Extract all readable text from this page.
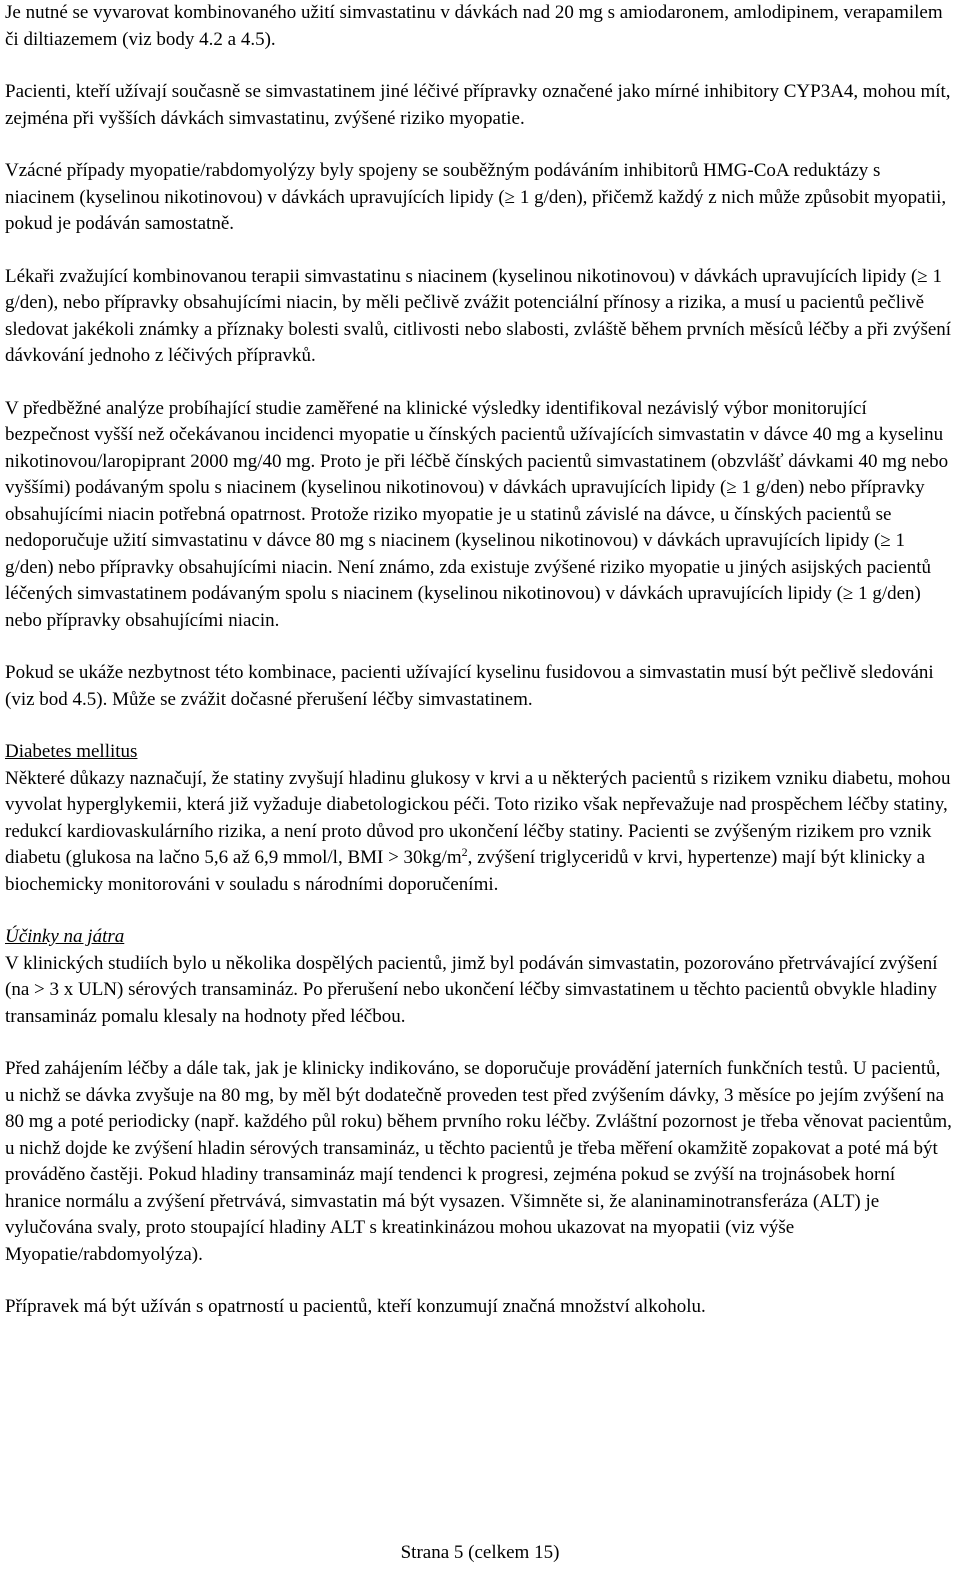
Je nutné se vyvarovat kombinovaného užití simvastatinu v dávkách nad 20 mg s amiodaronem, amlodipinem, verapamilem či diltiazemem (viz body 4.2 a 4.5).

Pacienti, kteří užívají současně se simvastatinem jiné léčivé přípravky označené jako mírné inhibitory CYP3A4, mohou mít, zejména při vyšších dávkách simvastatinu, zvýšené riziko myopatie.

Vzácné případy myopatie/rabdomyolýzy byly spojeny se souběžným podáváním inhibitorů HMG-CoA reduktázy s niacinem (kyselinou nikotinovou) v dávkách upravujících lipidy (≥ 1 g/den), přičemž každý z nich může způsobit myopatii, pokud je podáván samostatně.

Lékaři zvažující kombinovanou terapii simvastatinu s niacinem (kyselinou nikotinovou) v dávkách upravujících lipidy (≥ 1 g/den), nebo přípravky obsahujícími niacin, by měli pečlivě zvážit potenciální přínosy a rizika, a musí u pacientů pečlivě sledovat jakékoli známky a příznaky bolesti svalů, citlivosti nebo slabosti, zvláště během prvních měsíců léčby a při zvýšení dávkování jednoho z léčivých přípravků.

V předběžné analýze probíhající studie zaměřené na klinické výsledky identifikoval nezávislý výbor monitorující bezpečnost vyšší než očekávanou incidenci myopatie u čínských pacientů užívajících simvastatin v dávce 40 mg a kyselinu nikotinovou/laropiprant 2000 mg/40 mg. Proto je při léčbě čínských pacientů simvastatinem (obzvlášť dávkami 40 mg nebo vyššími) podávaným spolu s niacinem (kyselinou nikotinovou) v dávkách upravujících lipidy (≥ 1 g/den) nebo přípravky obsahujícími niacin potřebná opatrnost. Protože riziko myopatie je u statinů závislé na dávce, u čínských pacientů se nedoporučuje užití simvastatinu v dávce 80 mg s niacinem (kyselinou nikotinovou) v dávkách upravujících lipidy (≥ 1 g/den) nebo přípravky obsahujícími niacin. Není známo, zda existuje zvýšené riziko myopatie u jiných asijských pacientů léčených simvastatinem podávaným spolu s niacinem (kyselinou nikotinovou) v dávkách upravujících lipidy (≥ 1 g/den) nebo přípravky obsahujícími niacin.

Pokud se ukáže nezbytnost této kombinace, pacienti užívající kyselinu fusidovou a simvastatin musí být pečlivě sledováni (viz bod 4.5). Může se zvážit dočasné přerušení léčby simvastatinem.

Diabetes mellitus
Některé důkazy naznačují, že statiny zvyšují hladinu glukosy v krvi a u některých pacientů s rizikem vzniku diabetu, mohou vyvolat hyperglykemii, která již vyžaduje diabetologickou péči. Toto riziko však nepřevažuje nad prospěchem léčby statiny, redukcí kardiovaskulárního rizika, a není proto důvod pro ukončení léčby statiny. Pacienti se zvýšeným rizikem pro vznik diabetu (glukosa na lačno 5,6 až 6,9 mmol/l, BMI > $30kg/m^2$, zvýšení triglyceridů v krvi, hypertenze) mají být klinicky a biochemicky monitorováni v souladu s národními doporučeními.
Účinky na játra
V klinických studiích bylo u několika dospělých pacientů, jimž byl podáván simvastatin, pozorováno přetrvávající zvýšení (na > 3 x ULN) sérových transamináz. Po přerušení nebo ukončení léčby simvastatinem u těchto pacientů obvykle hladiny transamináz pomalu klesaly na hodnoty před léčbou.

Před zahájením léčby a dále tak, jak je klinicky indikováno, se doporučuje provádění jaterních funkčních testů. U pacientů, u nichž se dávka zvyšuje na 80 mg, by měl být dodatečně proveden test před zvýšením dávky, 3 měsíce po jejím zvýšení na 80 mg a poté periodicky (např. každého půl roku) během prvního roku léčby. Zvláštní pozornost je třeba věnovat pacientům, u nichž dojde ke zvýšení hladin sérových transamináz, u těchto pacientů je třeba měření okamžitě zopakovat a poté má být prováděno častěji. Pokud hladiny transamináz mají tendenci k progresi, zejména pokud se zvýší na trojnásobek horní hranice normálu a zvýšení přetrvává, simvastatin má být vysazen. Všimněte si, že alaninaminotransferáza (ALT) je vylučována svaly, proto stoupající hladiny ALT s kreatinkinázou mohou ukazovat na myopatii (viz výše Myopatie/rabdomyolýza).

Přípravek má být užíván s opatrností u pacientů, kteří konzumují značná množství alkoholu.

Strana 5 (celkem 15)
